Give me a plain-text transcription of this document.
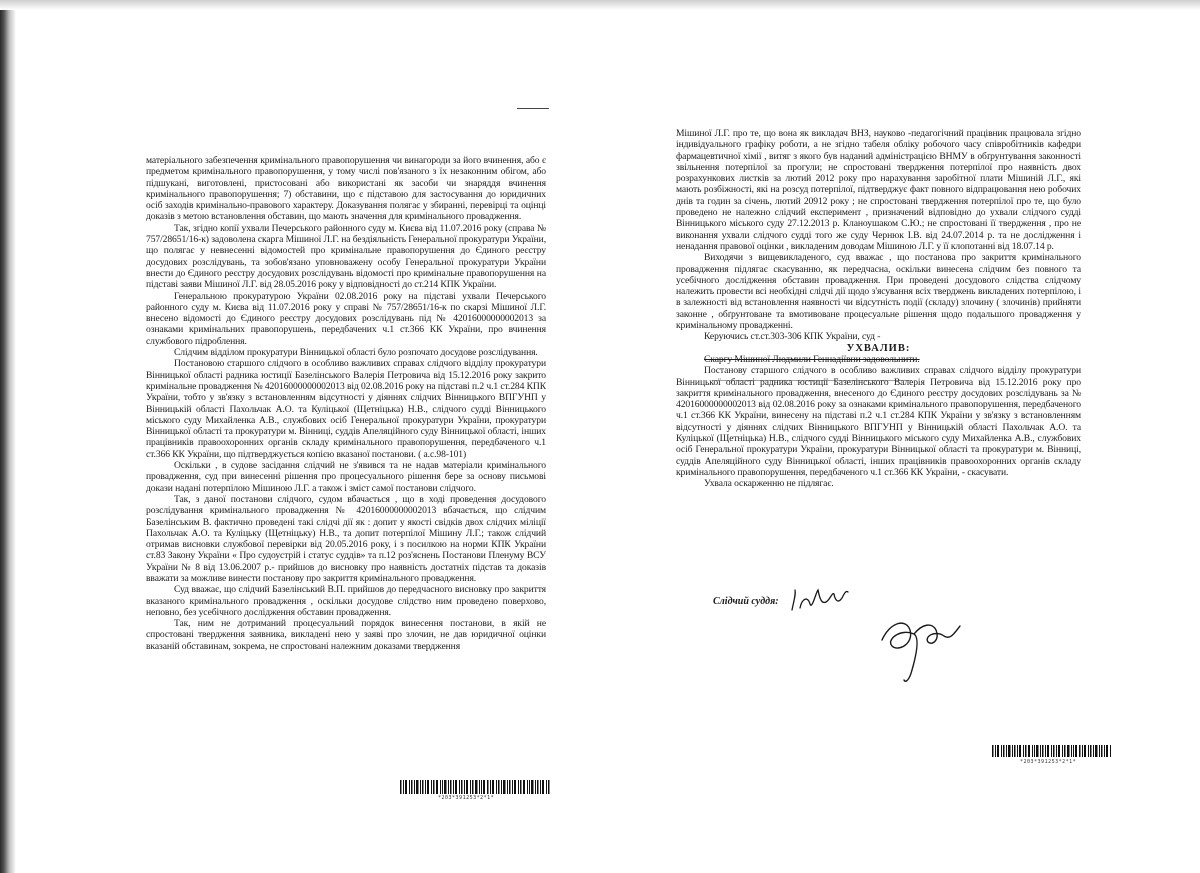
матеріального забезпечення кримінального правопорушення чи винагороди за його вчинення, або є предметом кримінального правопорушення, у тому числі пов'язаного з їх незаконним обігом, або підшукані, виготовлені, пристосовані або використані як засоби чи знаряддя вчинення кримінального правопорушення; 7) обставини, що є підставою для застосування до юридичних осіб заходів кримінально-правового характеру. Доказування полягає у збиранні, перевірці та оцінці доказів з метою встановлення обставин, що мають значення для кримінального провадження.

Так, згідно копії ухвали Печерського районного суду м. Києва від 11.07.2016 року (справа № 757/28651/16-к) задоволена скарга Мішиної Л.Г. на бездіяльність Генеральної прокуратури України, що полягає у невнесенні відомостей про кримінальне правопорушення до Єдиного реєстру досудових розслідувань, та зобов'язано уповноважену особу Генеральної прокуратури України внести до Єдиного реєстру досудових розслідувань відомості про кримінальне правопорушення на підставі заяви Мішиної Л.Г. від 28.05.2016 року у відповідності до ст.214 КПК України.

Генеральною прокуратурою України 02.08.2016 року на підставі ухвали Печерського районного суду м. Києва від 11.07.2016 року у справі № 757/28651/16-к по скарзі Мішиної Л.Г. внесено відомості до Єдиного реєстру досудових розслідувань під № 42016000000002013 за ознаками кримінальних правопорушень, передбачених ч.1 ст.366 КК України, про вчинення службового підроблення.

Слідчим відділом прокуратури Вінницької області було розпочато досудове розслідування.

Постановою старшого слідчого в особливо важливих справах слідчого відділу прокуратури Вінницької області радника юстиції Базелінського Валерія Петровича від 15.12.2016 року закрито кримінальне провадження № 42016000000002013 від 02.08.2016 року на підставі п.2 ч.1 ст.284 КПК України, тобто у зв'язку з встановленням відсутності у діяннях слідчих Вінницького ВПГУНП у Вінницькій області Пахольчак А.О. та Куліцької (Щетніцька) Н.В., слідчого судді Вінницького міського суду Михайленка А.В., службових осіб Генеральної прокуратури України, прокуратури Вінницької області та прокуратури м. Вінниці, суддів Апеляційного суду Вінницької області, інших працівників правоохоронних органів складу кримінального правопорушення, передбаченого ч.1 ст.366 КК України, що підтверджується копією вказаної постанови. ( а.с.98-101)

Оскільки , в судове засідання слідчий не з'явився та не надав матеріали кримінального провадження, суд при винесенні рішення про процесуального рішення бере за основу письмові докази надані потерпілою Мішиною Л.Г. а також і зміст самої постанови слідчого.

Так, з даної постанови слідчого, судом вбачається , що в ході проведення досудового розслідування кримінального провадження № 42016000000002013 вбачається, що слідчим Базелінським В. фактично проведені такі слідчі дії як : допит у якості свідків двох слідчих міліції Пахольчак А.О. та Куліцьку (Щетніцьку) Н.В., та допит потерпілої Мішину Л.Г.; також слідчий отримав висновки службової перевірки від 20.05.2016 року, і з посилкою на норми КПК України ст.83 Закону України « Про судоустрій і статус суддів» та п.12 роз'яснень Постанови Пленуму ВСУ України № 8 від 13.06.2007 р.- прийшов до висновку про наявність достатніх підстав та доказів вважати за можливе винести постанову про закриття кримінального провадження.

Суд вважає, що слідчий Базелінський В.П. прийшов до передчасного висновку про закриття вказаного кримінального провадження , оскільки досудове слідство ним проведено поверхово, неповно, без усебічного дослідження обставин провадження.

Так, ним не дотриманий процесуальний порядок винесення постанови, в якій не спростовані твердження заявника, викладені нею у заяві про злочин, не дав юридичної оцінки вказаній обставинам, зокрема, не спростовані належним доказами твердження

*203*391253*2*1*

Мішиної Л.Г. про те, що вона як викладач ВНЗ, науково -педагогічний працівник працювала згідно індивідуального графіку роботи, а не згідно табеля обліку робочого часу співробітників кафедри фармацевтичної хімії , витяг з якого був наданий адміністрацією ВНМУ в обґрунтування законності звільнення потерпілої за прогули; не спростовані твердження потерпілої про наявність двох розрахункових листків за лютий 2012 року про нарахування заробітної плати Мішиній Л.Г., які мають розбіжності, які на розсуд потерпілої, підтверджує факт повного відпрацювання нею робочих днів та годин за січень, лютий 20912 року ; не спростовані твердження потерпілої про те, що було проведено не належно слідчий експеримент , призначений відповідно до ухвали слідчого судді Вінницького міського суду 27.12.2013 р. Кланоушаком С.Ю.; не спростовані її твердження , про не виконання ухвали слідчого судді того же суду Чернюк І.В. від 24.07.2014 р. та не дослідження і ненадання правової оцінки , викладеним доводам Мішиною Л.Г. у її клопотанні від 18.07.14 р.

Виходячи з вищевикладеного, суд вважає , що постанова про закриття кримінального провадження підлягає скасуванню, як передчасна, оскільки винесена слідчим без повного та усебічного дослідження обставин провадження. При проведені досудового слідства слідчому належить провести всі необхідні слідчі дії щодо з'ясування всіх тверджень викладених потерпілою, і в залежності від встановлення наявності чи відсутність події (складу) злочину ( злочинів) прийняти законне , обґрунтоване та вмотивоване процесуальне рішення щодо подальшого провадження у кримінальному провадженні.

Керуючись ст.ст.303-306 КПК України, суд -

УХВАЛИВ:

Скаргу Мішиної Людмили Геннадіївни задовольнити.

Постанову старшого слідчого в особливо важливих справах слідчого відділу прокуратури Вінницької області радника юстиції Базелінського Валерія Петровича від 15.12.2016 року про закриття кримінального провадження, внесеного до Єдиного реєстру досудових розслідувань за № 42016000000002013 від 02.08.2016 року за ознаками кримінального правопорушення, передбаченого ч.1 ст.366 КК України, винесену на підставі п.2 ч.1 ст.284 КПК України у зв'язку з встановленням відсутності у діяннях слідчих Вінницького ВПГУНП у Вінницькій області Пахольчак А.О. та Куліцької (Щетніцька) Н.В., слідчого судді Вінницького міського суду Михайленка А.В., службових осіб Генеральної прокуратури України, прокуратури Вінницької області та прокуратури м. Вінниці, суддів Апеляційного суду Вінницької області, інших працівників правоохоронних органів складу кримінального правопорушення, передбаченого ч.1 ст.366 КК України, - скасувати.

Ухвала оскарженню не підлягає.

Слідчий суддя:
*203*391253*2*1*
